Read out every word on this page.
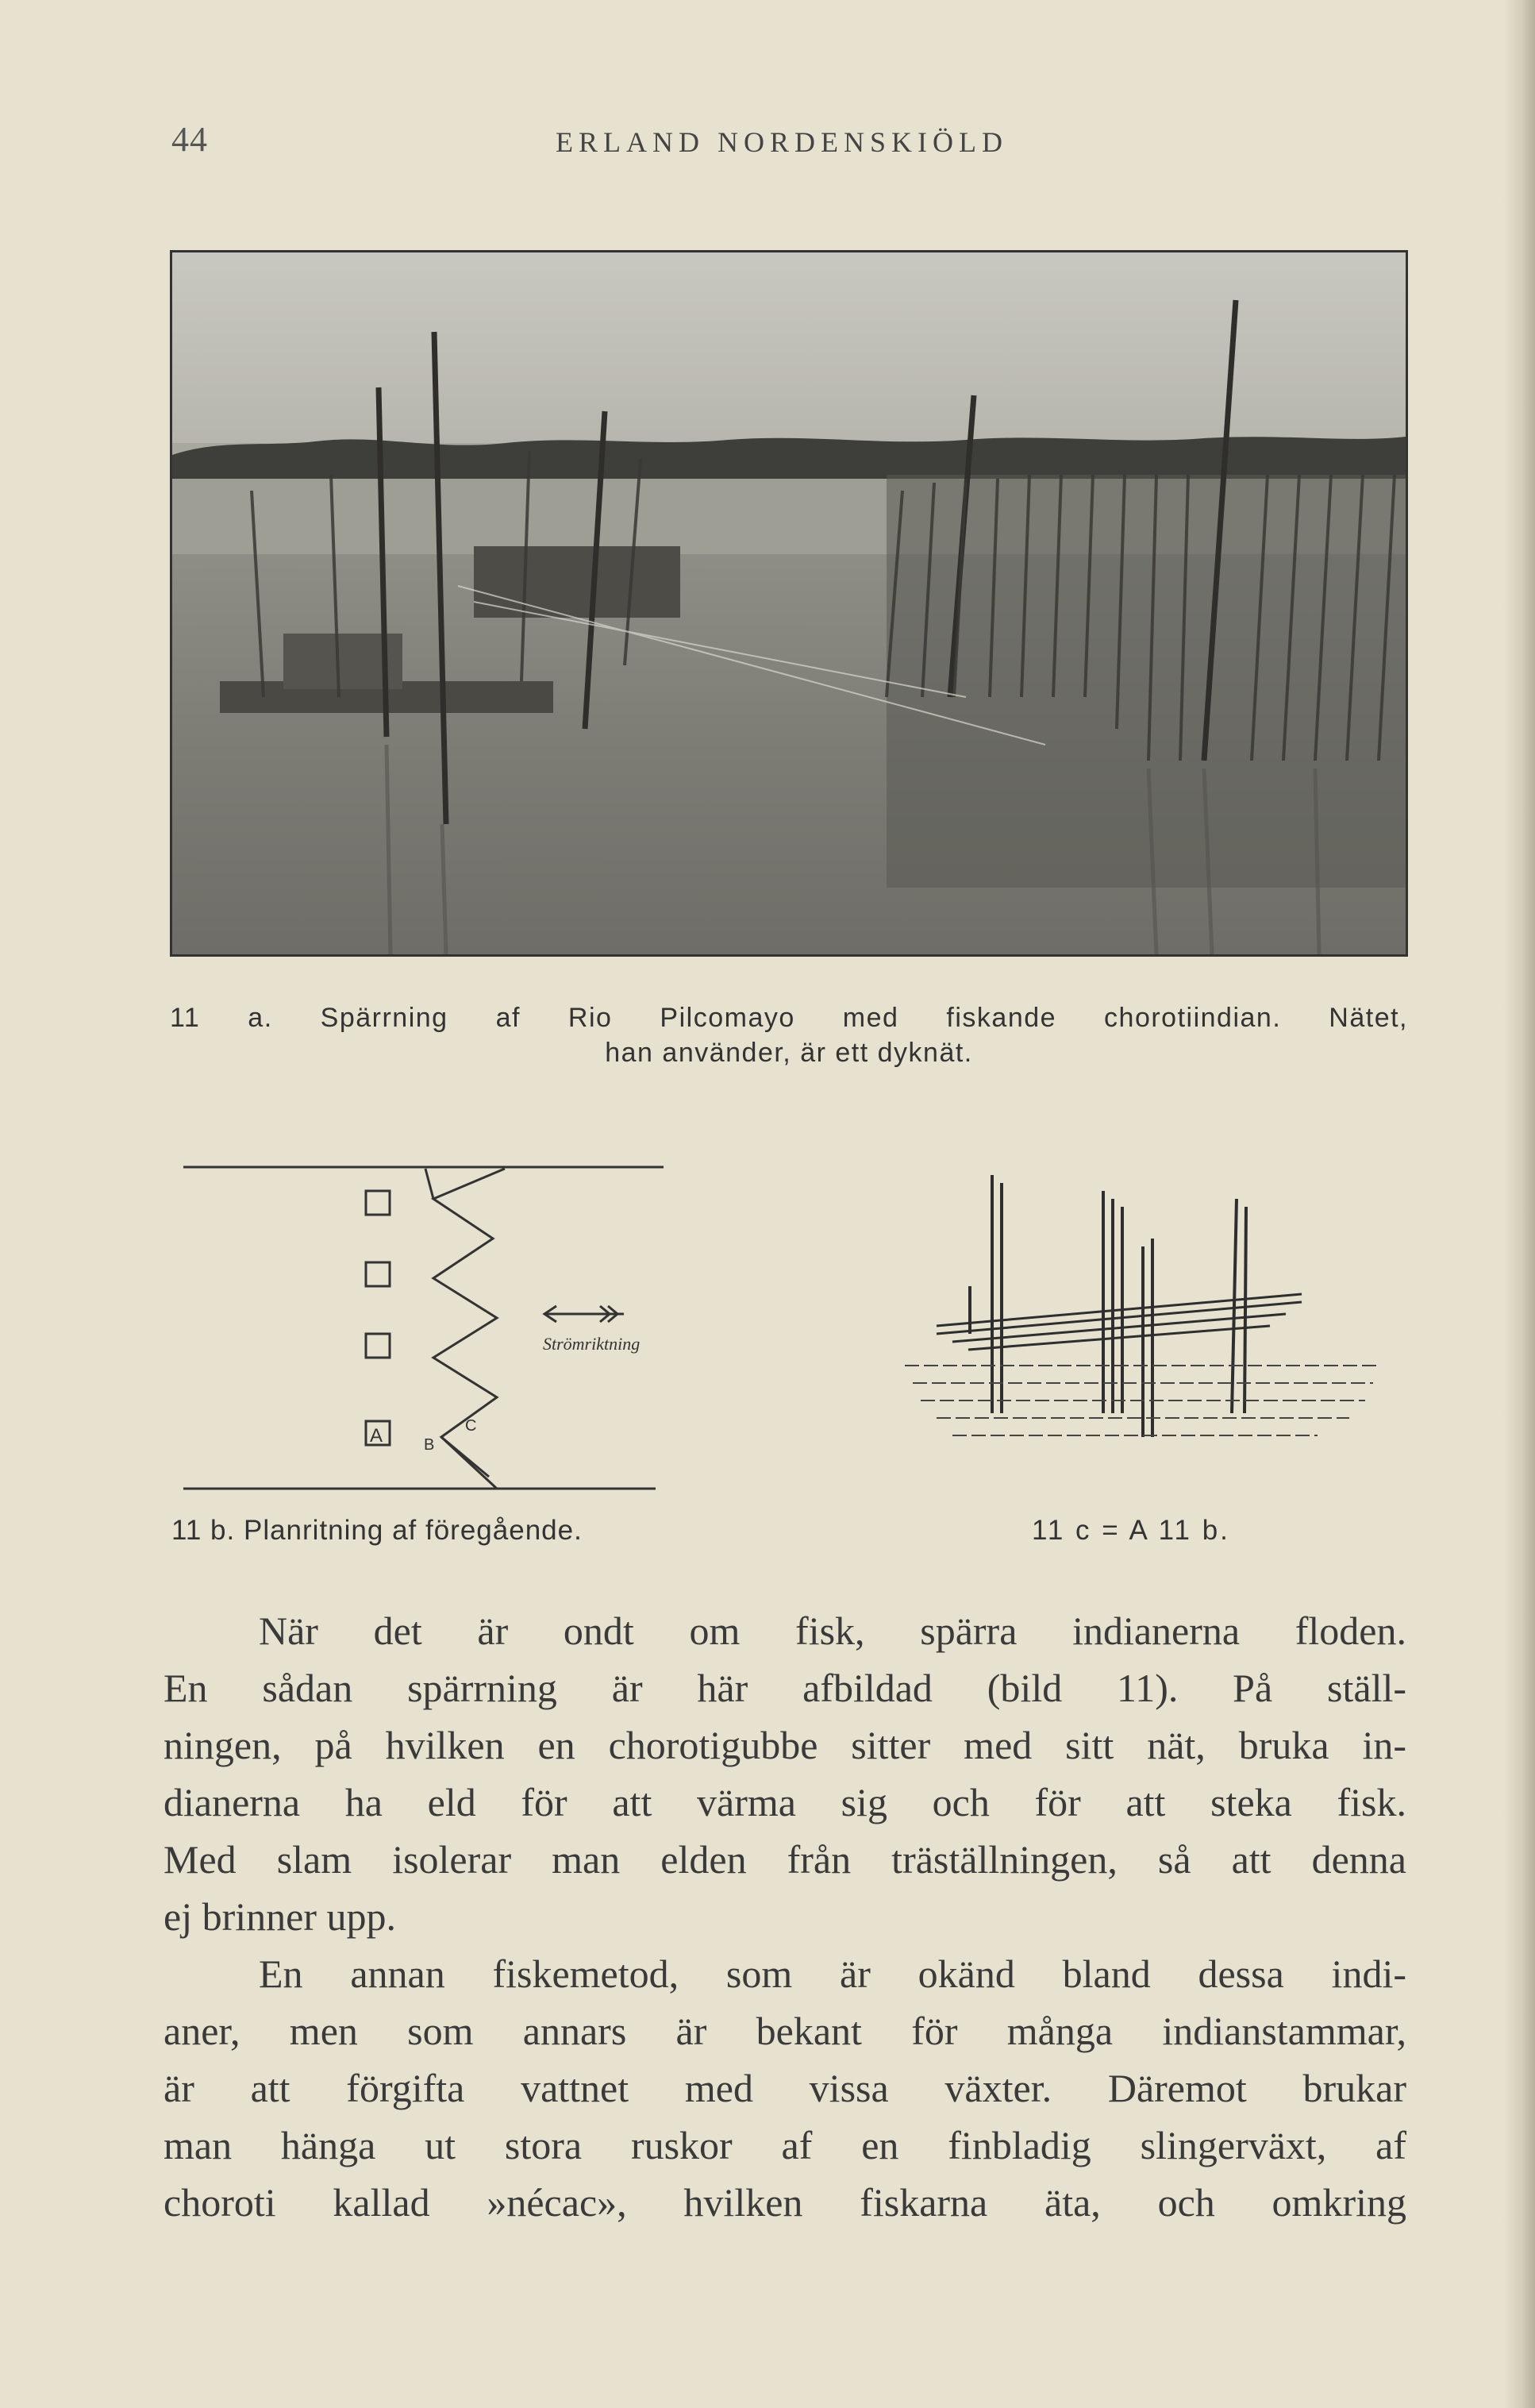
44	ERLAND NORDENSKIÖLD
11 a. Spärrning af Rio Pilcomayo med fiskande chorotiindian. Nätet,
han använder, är ett dyknät.
A	B
C
Strömriktning
11 b. Planritning af föregående.	11 c = A 11 b.
När det är ondt om fisk, spärra indianerna floden.
En sådan spärrning är här afbildad (bild 11). På ställ-
ningen, på hvilken en chorotigubbe sitter med sitt nät, bruka in-
dianerna ha eld för att värma sig och för att steka fisk.
Med slam isolerar man elden från träställningen, så att denna
ej brinner upp.
En annan fiskemetod, som är okänd bland dessa indi-
aner, men som annars är bekant för många indianstammar,
är att förgifta vattnet med vissa växter. Däremot brukar
man hänga ut stora ruskor af en finbladig slingerväxt, af
choroti kallad »nécac», hvilken fiskarna äta, och omkring
